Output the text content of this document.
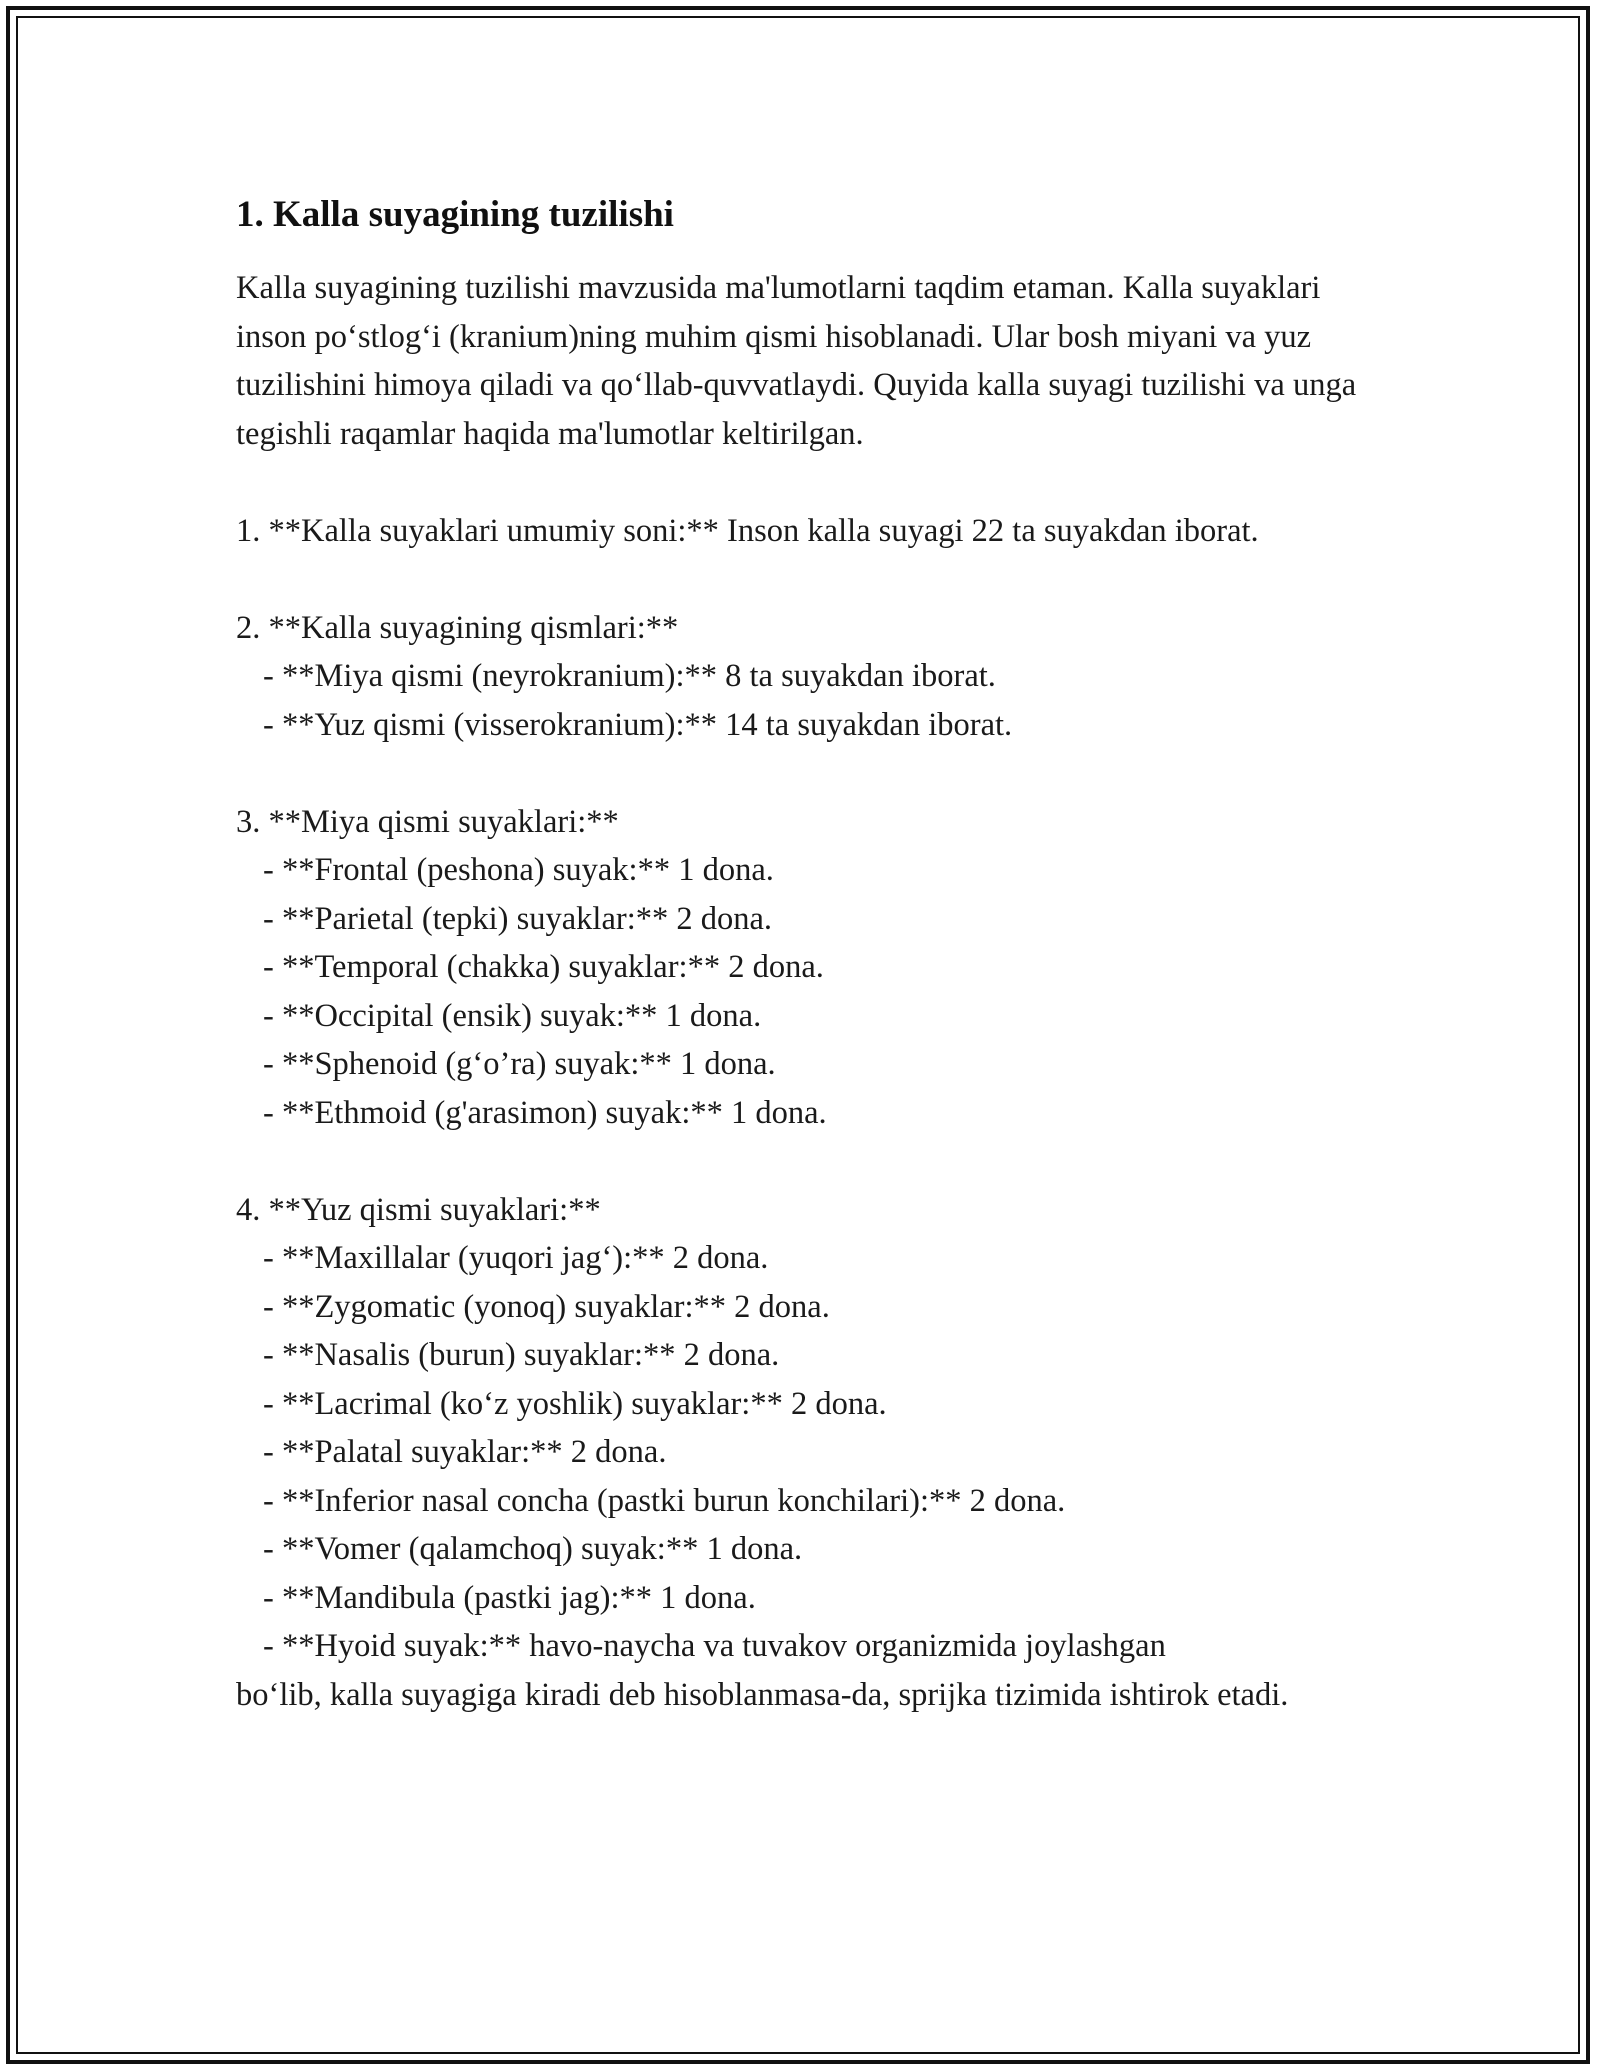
1. Kalla suyagining tuzilishi

Kalla suyagining tuzilishi mavzusida ma'lumotlarni taqdim etaman. Kalla suyaklari inson po‘stlog‘i (kranium)ning muhim qismi hisoblanadi. Ular bosh miyani va yuz tuzilishini himoya qiladi va qo‘llab-quvvatlaydi. Quyida kalla suyagi tuzilishi va unga tegishli raqamlar haqida ma'lumotlar keltirilgan.

1. **Kalla suyaklari umumiy soni:** Inson kalla suyagi 22 ta suyakdan iborat.

2. **Kalla suyagining qismlari:**

- **Miya qismi (neyrokranium):** 8 ta suyakdan iborat.

- **Yuz qismi (visserokranium):** 14 ta suyakdan iborat.

3. **Miya qismi suyaklari:**

- **Frontal (peshona) suyak:** 1 dona.

- **Parietal (tepki) suyaklar:** 2 dona.

- **Temporal (chakka) suyaklar:** 2 dona.

- **Occipital (ensik) suyak:** 1 dona.

- **Sphenoid (g‘o’ra) suyak:** 1 dona.

- **Ethmoid (g'arasimon) suyak:** 1 dona.

4. **Yuz qismi suyaklari:**

- **Maxillalar (yuqori jag‘):** 2 dona.

- **Zygomatic (yonoq) suyaklar:** 2 dona.

- **Nasalis (burun) suyaklar:** 2 dona.

- **Lacrimal (ko‘z yoshlik) suyaklar:** 2 dona.

- **Palatal suyaklar:** 2 dona.

- **Inferior nasal concha (pastki burun konchilari):** 2 dona.

- **Vomer (qalamchoq) suyak:** 1 dona.

- **Mandibula (pastki jag):** 1 dona.

- **Hyoid suyak:** havo-naycha va tuvakov organizmida joylashgan

bo‘lib, kalla suyagiga kiradi deb hisoblanmasa-da, sprijka tizimida ishtirok etadi.
